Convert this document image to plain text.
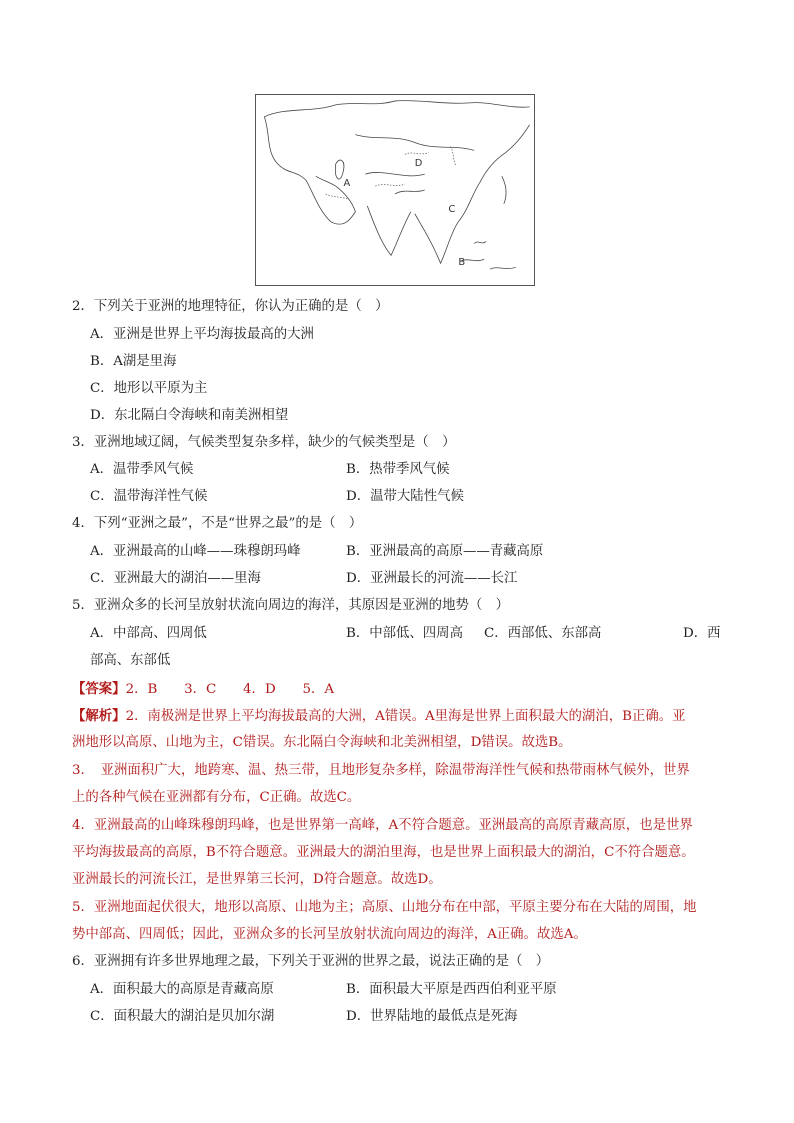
A
B
C
D
2．下列关于亚洲的地理特征，你认为正确的是（　）
A．亚洲是世界上平均海拔最高的大洲
B．A湖是里海
C．地形以平原为主
D．东北隔白令海峡和南美洲相望
3．亚洲地域辽阔，气候类型复杂多样，缺少的气候类型是（　）
A．温带季风气候	B．热带季风气候
C．温带海洋性气候	D．温带大陆性气候
4．下列“亚洲之最”，不是“世界之最”的是（　）
A．亚洲最高的山峰——珠穆朗玛峰	B．亚洲最高的高原——青藏高原
C．亚洲最大的湖泊——里海	D．亚洲最长的河流——长江
5．亚洲众多的长河呈放射状流向周边的海洋，其原因是亚洲的地势（　）
A．中部高、四周低	B．中部低、四周高 C．西部低、东部高	D．西
部高、东部低
【答案】2．B　　3．C　　4．D　　5．A
【解析】2．南极洲是世界上平均海拔最高的大洲，A错误。A里海是世界上面积最大的湖泊，B正确。亚
洲地形以高原、山地为主，C错误。东北隔白令海峡和北美洲相望，D错误。故选B。
3．　亚洲面积广大，地跨寒、温、热三带，且地形复杂多样，除温带海洋性气候和热带雨林气候外，世界
上的各种气候在亚洲都有分布，C正确。故选C。
4．亚洲最高的山峰珠穆朗玛峰，也是世界第一高峰，A不符合题意。亚洲最高的高原青藏高原，也是世界
平均海拔最高的高原，B不符合题意。亚洲最大的湖泊里海，也是世界上面积最大的湖泊，C不符合题意。
亚洲最长的河流长江，是世界第三长河，D符合题意。故选D。
5．亚洲地面起伏很大，地形以高原、山地为主；高原、山地分布在中部，平原主要分布在大陆的周围，地
势中部高、四周低；因此，亚洲众多的长河呈放射状流向周边的海洋，A正确。故选A。
6．亚洲拥有许多世界地理之最，下列关于亚洲的世界之最，说法正确的是（　）
A．面积最大的高原是青藏高原	B．面积最大平原是西西伯利亚平原
C．面积最大的湖泊是贝加尔湖	D．世界陆地的最低点是死海
